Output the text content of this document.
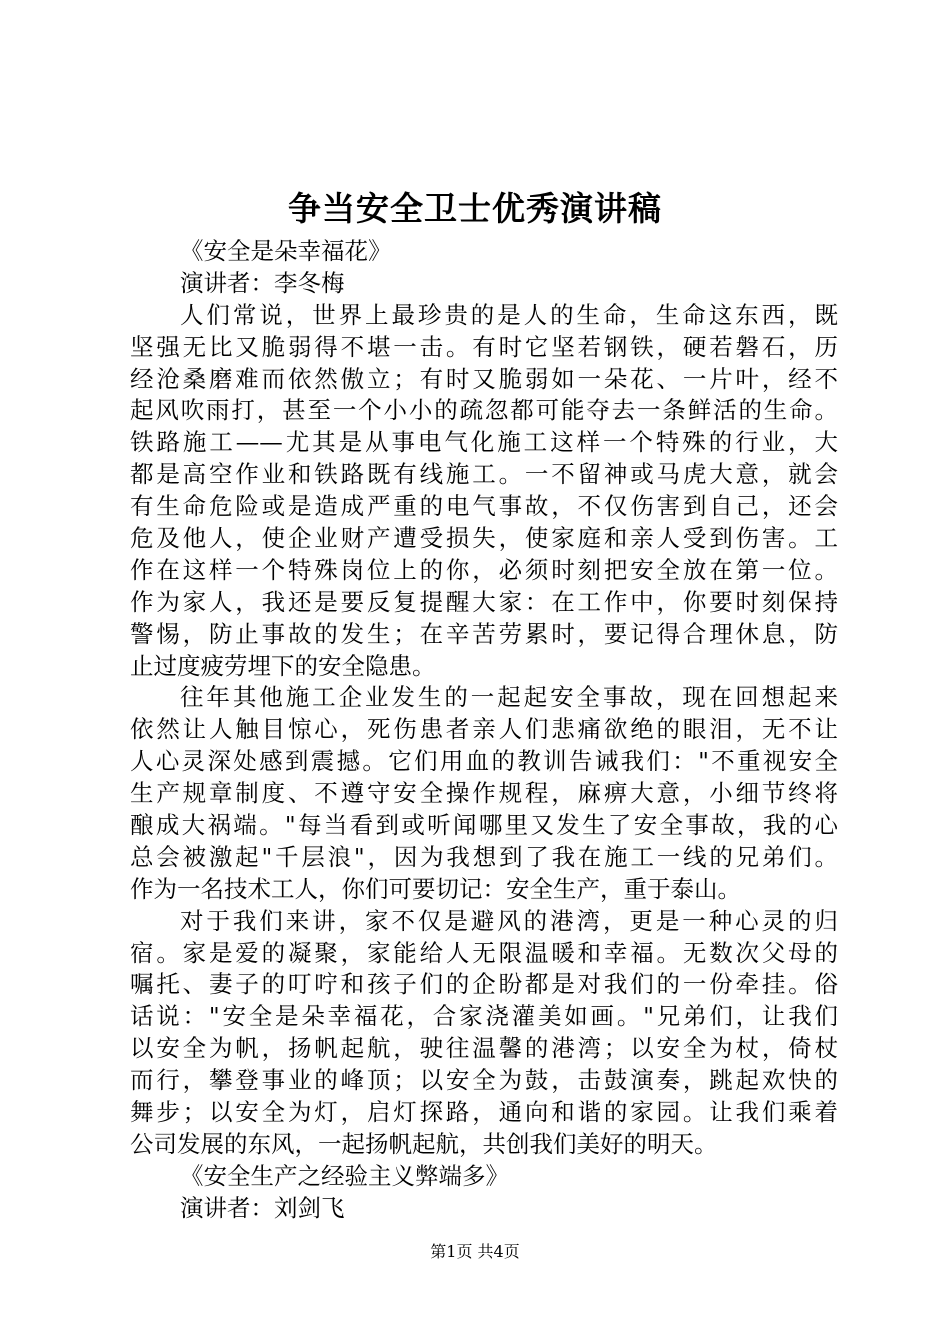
争当安全卫士优秀演讲稿
《安全是朵幸福花》
演讲者：李冬梅
人们常说，世界上最珍贵的是人的生命，生命这东西，既
坚强无比又脆弱得不堪一击。有时它坚若钢铁，硬若磐石，历
经沧桑磨难而依然傲立；有时又脆弱如一朵花、一片叶，经不
起风吹雨打，甚至一个小小的疏忽都可能夺去一条鲜活的生命。
铁路施工——尤其是从事电气化施工这样一个特殊的行业，大
都是高空作业和铁路既有线施工。一不留神或马虎大意，就会
有生命危险或是造成严重的电气事故，不仅伤害到自己，还会
危及他人，使企业财产遭受损失，使家庭和亲人受到伤害。工
作在这样一个特殊岗位上的你，必须时刻把安全放在第一位。
作为家人，我还是要反复提醒大家：在工作中，你要时刻保持
警惕，防止事故的发生；在辛苦劳累时，要记得合理休息，防
止过度疲劳埋下的安全隐患。
往年其他施工企业发生的一起起安全事故，现在回想起来
依然让人触目惊心，死伤患者亲人们悲痛欲绝的眼泪，无不让
人心灵深处感到震撼。它们用血的教训告诫我们："不重视安全
生产规章制度、不遵守安全操作规程，麻痹大意，小细节终将
酿成大祸端。"每当看到或听闻哪里又发生了安全事故，我的心
总会被激起"千层浪"，因为我想到了我在施工一线的兄弟们。
作为一名技术工人，你们可要切记：安全生产，重于泰山。
对于我们来讲，家不仅是避风的港湾，更是一种心灵的归
宿。家是爱的凝聚，家能给人无限温暖和幸福。无数次父母的
嘱托、妻子的叮咛和孩子们的企盼都是对我们的一份牵挂。俗
话说："安全是朵幸福花，合家浇灌美如画。"兄弟们，让我们
以安全为帆，扬帆起航，驶往温馨的港湾；以安全为杖，倚杖
而行，攀登事业的峰顶；以安全为鼓，击鼓演奏，跳起欢快的
舞步；以安全为灯，启灯探路，通向和谐的家园。让我们乘着
公司发展的东风，一起扬帆起航，共创我们美好的明天。
《安全生产之经验主义弊端多》
演讲者：刘剑飞
第1页 共4页
